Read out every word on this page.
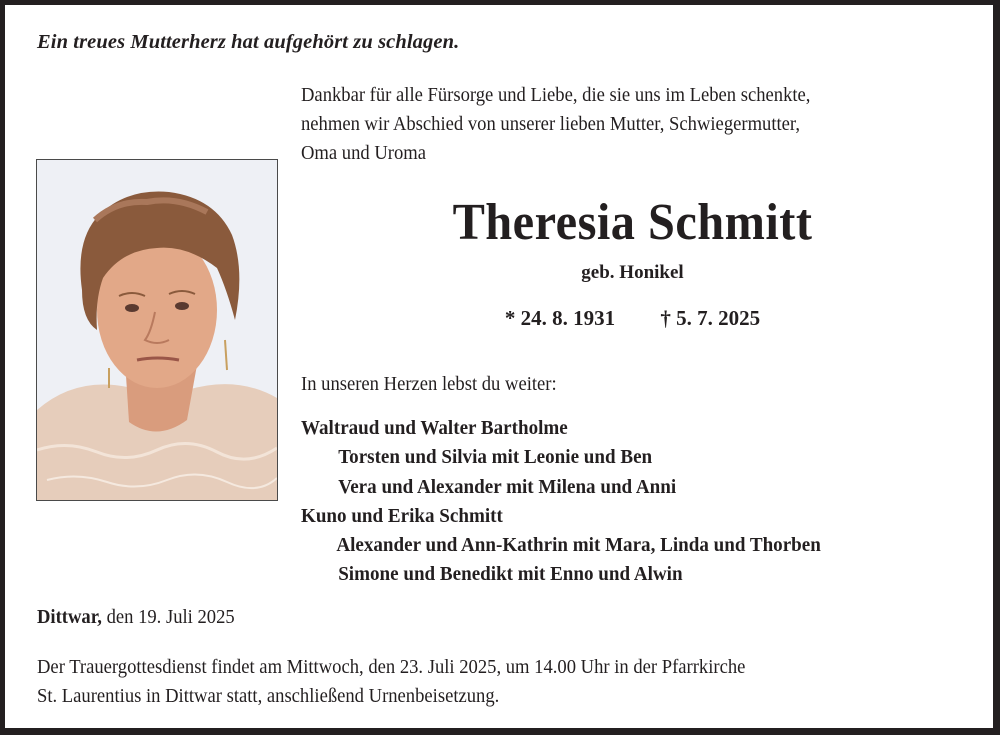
Ein treues Mutterherz hat aufgehört zu schlagen.
Dankbar für alle Fürsorge und Liebe, die sie uns im Leben schenkte,
nehmen wir Abschied von unserer lieben Mutter, Schwiegermutter,
Oma und Uroma
Theresia Schmitt
geb. Honikel
* 24. 8. 1931 † 5. 7. 2025
In unseren Herzen lebst du weiter:
Waltraud und Walter Bartholme
Torsten und Silvia mit Leonie und Ben
Vera und Alexander mit Milena und Anni
Kuno und Erika Schmitt
Alexander und Ann-Kathrin mit Mara, Linda und Thorben
Simone und Benedikt mit Enno und Alwin
Dittwar, den 19. Juli 2025
Der Trauergottesdienst findet am Mittwoch, den 23. Juli 2025, um 14.00 Uhr in der Pfarrkirche
St. Laurentius in Dittwar statt, anschließend Urnenbeisetzung.
